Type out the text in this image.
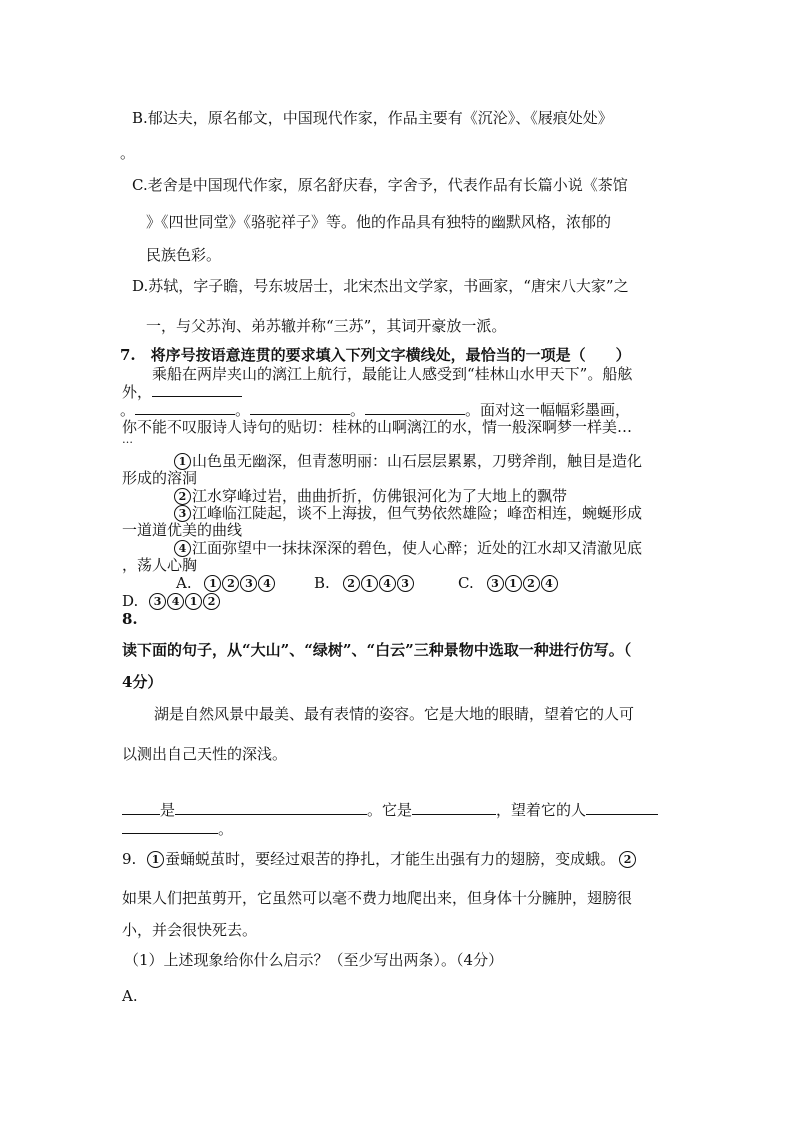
B.郁达夫，原名郁文，中国现代作家，作品主要有《沉沦》、《屐痕处处》
。
C.老舍是中国现代作家，原名舒庆春，字舍予，代表作品有长篇小说《茶馆
》《四世同堂》《骆驼祥子》等。他的作品具有独特的幽默风格，浓郁的
民族色彩。
D.苏轼，字子瞻，号东坡居士，北宋杰出文学家，书画家，“唐宋八大家”之
一，与父苏洵、弟苏辙并称“三苏”，其词开豪放一派。
7.　将序号按语意连贯的要求填入下列文字横线处，最恰当的一项是（　　）
乘船在两岸夹山的漓江上航行，最能让人感受到“桂林山水甲天下”。船舷
外，
。	。	。	。面对这一幅幅彩墨画，
你不能不叹服诗人诗句的贴切：桂林的山啊漓江的水，情一般深啊梦一样美…
…
1 山色虽无幽深，但青葱明丽：山石层层累累，刀劈斧削，触目是造化
形成的溶洞
2 江水穿峰过岩，曲曲折折，仿佛银河化为了大地上的飘带
3 江峰临江陡起，谈不上海拔，但气势依然雄险；峰峦相连，蜿蜒形成
一道道优美的曲线
4 江面弥望中一抹抹深深的碧色，使人心醉；近处的江水却又清澈见底
，荡人心胸
A. 1 2 3 4	B. 2 1 4 3	C. 3 1 2 4
D. 3 4 1 2
8.
读下面的句子，从“大山”、“绿树”、“白云”三种景物中选取一种进行仿写。（
4分）
湖是自然风景中最美、最有表情的姿容。它是大地的眼睛，望着它的人可
以测出自己天性的深浅。
是	。它是	，望着它的人
。
9. 1 蚕蛹蜕茧时，要经过艰苦的挣扎，才能生出强有力的翅膀，变成蛾。 2
如果人们把茧剪开，它虽然可以毫不费力地爬出来，但身体十分臃肿，翅膀很
小，并会很快死去。
（1）上述现象给你什么启示？（至少写出两条）。（4分）
A.
